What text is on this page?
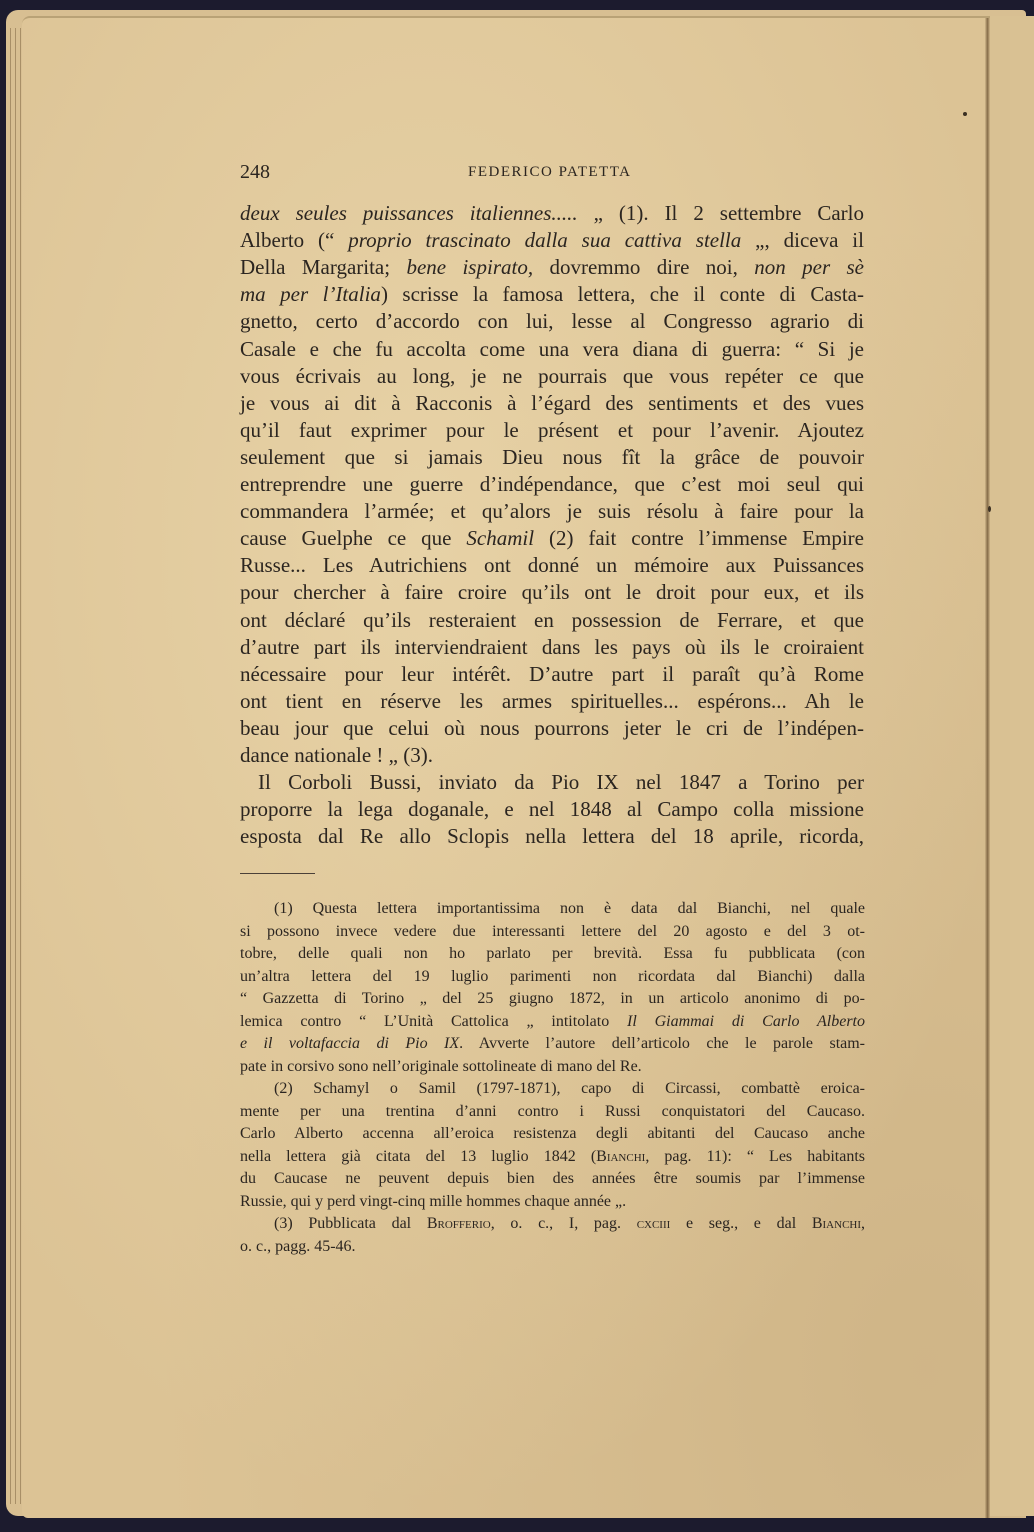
248	FEDERICO PATETTA
deux seules puissances italiennes..... „ (1). Il 2 settembre Carlo
Alberto (“ proprio trascinato dalla sua cattiva stella „, diceva il
Della Margarita; bene ispirato, dovremmo dire noi, non per sè
ma per l’Italia) scrisse la famosa lettera, che il conte di Casta-
gnetto, certo d’accordo con lui, lesse al Congresso agrario di
Casale e che fu accolta come una vera diana di guerra: “ Si je
vous écrivais au long, je ne pourrais que vous repéter ce que
je vous ai dit à Racconis à l’égard des sentiments et des vues
qu’il faut exprimer pour le présent et pour l’avenir. Ajoutez
seulement que si jamais Dieu nous fît la grâce de pouvoir
entreprendre une guerre d’indépendance, que c’est moi seul qui
commandera l’armée; et qu’alors je suis résolu à faire pour la
cause Guelphe ce que Schamil (2) fait contre l’immense Empire
Russe... Les Autrichiens ont donné un mémoire aux Puissances
pour chercher à faire croire qu’ils ont le droit pour eux, et ils
ont déclaré qu’ils resteraient en possession de Ferrare, et que
d’autre part ils interviendraient dans les pays où ils le croiraient
nécessaire pour leur intérêt. D’autre part il paraît qu’à Rome
ont tient en réserve les armes spirituelles... espérons... Ah le
beau jour que celui où nous pourrons jeter le cri de l’indépen-
dance nationale ! „ (3).
Il Corboli Bussi, inviato da Pio IX nel 1847 a Torino per
proporre la lega doganale, e nel 1848 al Campo colla missione
esposta dal Re allo Sclopis nella lettera del 18 aprile, ricorda,
(1) Questa lettera importantissima non è data dal Bianchi, nel quale
si possono invece vedere due interessanti lettere del 20 agosto e del 3 ot-
tobre, delle quali non ho parlato per brevità. Essa fu pubblicata (con
un’altra lettera del 19 luglio parimenti non ricordata dal Bianchi) dalla
“ Gazzetta di Torino „ del 25 giugno 1872, in un articolo anonimo di po-
lemica contro “ L’Unità Cattolica „ intitolato Il Giammai di Carlo Alberto
e il voltafaccia di Pio IX. Avverte l’autore dell’articolo che le parole stam-
pate in corsivo sono nell’originale sottolineate di mano del Re.
(2) Schamyl o Samil (1797-1871), capo di Circassi, combattè eroica-
mente per una trentina d’anni contro i Russi conquistatori del Caucaso.
Carlo Alberto accenna all’eroica resistenza degli abitanti del Caucaso anche
nella lettera già citata del 13 luglio 1842 (Bianchi, pag. 11): “ Les habitants
du Caucase ne peuvent depuis bien des années être soumis par l’immense
Russie, qui y perd vingt-cinq mille hommes chaque année „.
(3) Pubblicata dal Brofferio, o. c., I, pag. cxciii e seg., e dal Bianchi,
o. c., pagg. 45-46.
